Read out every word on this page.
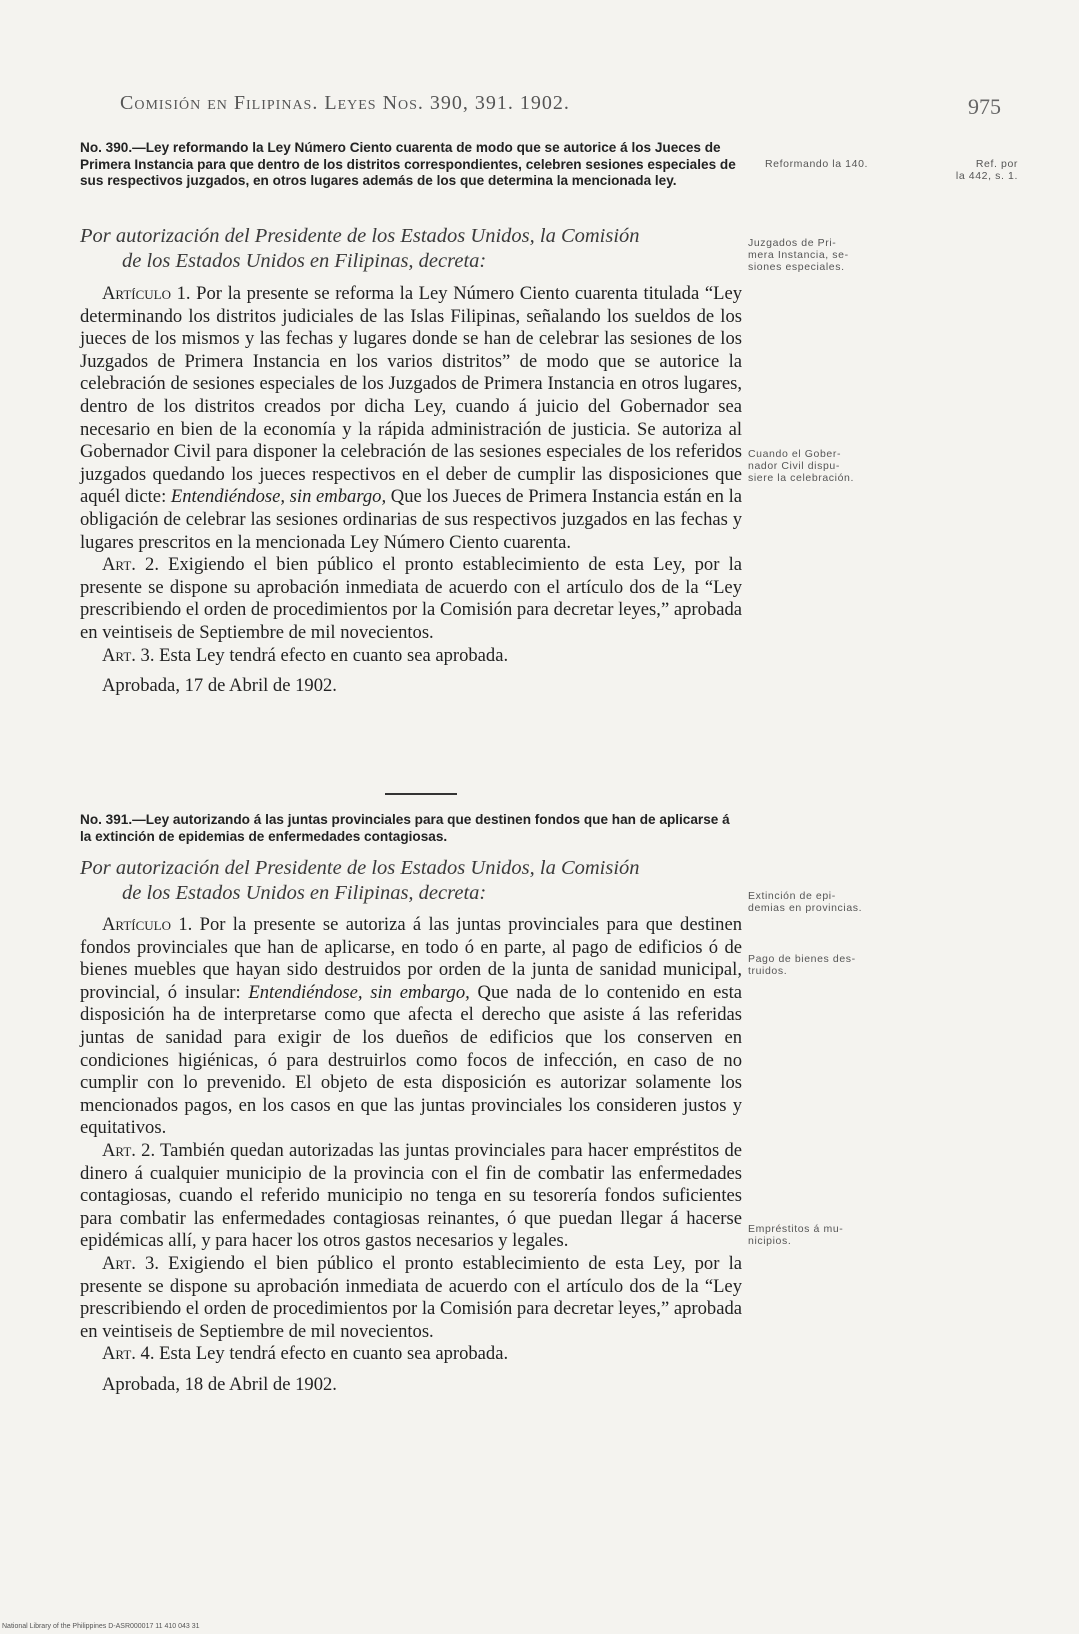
Comisión en Filipinas. Leyes Nos. 390, 391. 1902.	975
No. 390.—Ley reformando la Ley Número Ciento cuarenta de modo que se autorice á los Jueces de Primera Instancia para que dentro de los distritos correspondientes, celebren sesiones especiales de sus respectivos juzgados, en otros lugares además de los que determina la mencionada ley.
Por autorización del Presidente de los Estados Unidos, la Comisión
de los Estados Unidos en Filipinas, decreta:

Artículo 1. Por la presente se reforma la Ley Número Ciento cuarenta titulada “Ley determinando los distritos judiciales de las Islas Filipinas, señalando los sueldos de los jueces de los mismos y las fechas y lugares donde se han de celebrar las sesiones de los Juzgados de Primera Instancia en los varios distritos” de modo que se autorice la celebración de sesiones especiales de los Juzgados de Primera Instancia en otros lugares, dentro de los distritos creados por dicha Ley, cuando á juicio del Gobernador sea necesario en bien de la economía y la rápida administración de justicia. Se autoriza al Gobernador Civil para disponer la celebración de las sesiones especiales de los referidos juzgados quedando los jueces respectivos en el deber de cumplir las disposiciones que aquél dicte: Entendiéndose, sin embargo, Que los Jueces de Primera Instancia están en la obligación de celebrar las sesiones ordinarias de sus respectivos juzgados en las fechas y lugares prescritos en la mencionada Ley Número Ciento cuarenta.

Art. 2. Exigiendo el bien público el pronto establecimiento de esta Ley, por la presente se dispone su aprobación inmediata de acuerdo con el artículo dos de la “Ley prescribiendo el orden de procedimientos por la Comisión para decretar leyes,” aprobada en veintiseis de Septiembre de mil novecientos.

Art. 3. Esta Ley tendrá efecto en cuanto sea aprobada.

Aprobada, 17 de Abril de 1902.

No. 391.—Ley autorizando á las juntas provinciales para que destinen fondos que han de aplicarse á la extinción de epidemias de enfermedades contagiosas.
Por autorización del Presidente de los Estados Unidos, la Comisión
de los Estados Unidos en Filipinas, decreta:

Artículo 1. Por la presente se autoriza á las juntas provinciales para que destinen fondos provinciales que han de aplicarse, en todo ó en parte, al pago de edificios ó de bienes muebles que hayan sido destruidos por orden de la junta de sanidad municipal, provincial, ó insular: Entendiéndose, sin embargo, Que nada de lo contenido en esta disposición ha de interpretarse como que afecta el derecho que asiste á las referidas juntas de sanidad para exigir de los dueños de edificios que los conserven en condiciones higiénicas, ó para destruirlos como focos de infección, en caso de no cumplir con lo prevenido. El objeto de esta disposición es autorizar solamente los mencionados pagos, en los casos en que las juntas provinciales los consideren justos y equitativos.

Art. 2. También quedan autorizadas las juntas provinciales para hacer empréstitos de dinero á cualquier municipio de la provincia con el fin de combatir las enfermedades contagiosas, cuando el referido municipio no tenga en su tesorería fondos suficientes para combatir las enfermedades contagiosas reinantes, ó que puedan llegar á hacerse epidémicas allí, y para hacer los otros gastos necesarios y legales.

Art. 3. Exigiendo el bien público el pronto establecimiento de esta Ley, por la presente se dispone su aprobación inmediata de acuerdo con el artículo dos de la “Ley prescribiendo el orden de procedimientos por la Comisión para decretar leyes,” aprobada en veintiseis de Septiembre de mil novecientos.

Art. 4. Esta Ley tendrá efecto en cuanto sea aprobada.

Aprobada, 18 de Abril de 1902.

Reformando la 140.	Ref. por
la 442, s. 1.
Juzgados de Pri-
mera Instancia, se-
siones especiales.
Cuando el Gober-
nador Civil dispu-
siere la celebración.
Extinción de epi-
demias en provincias.
Pago de bienes des-
truidos.
Empréstitos á mu-
nicipios.
National Library of the Philippines D-ASR000017 11 410 043 31
